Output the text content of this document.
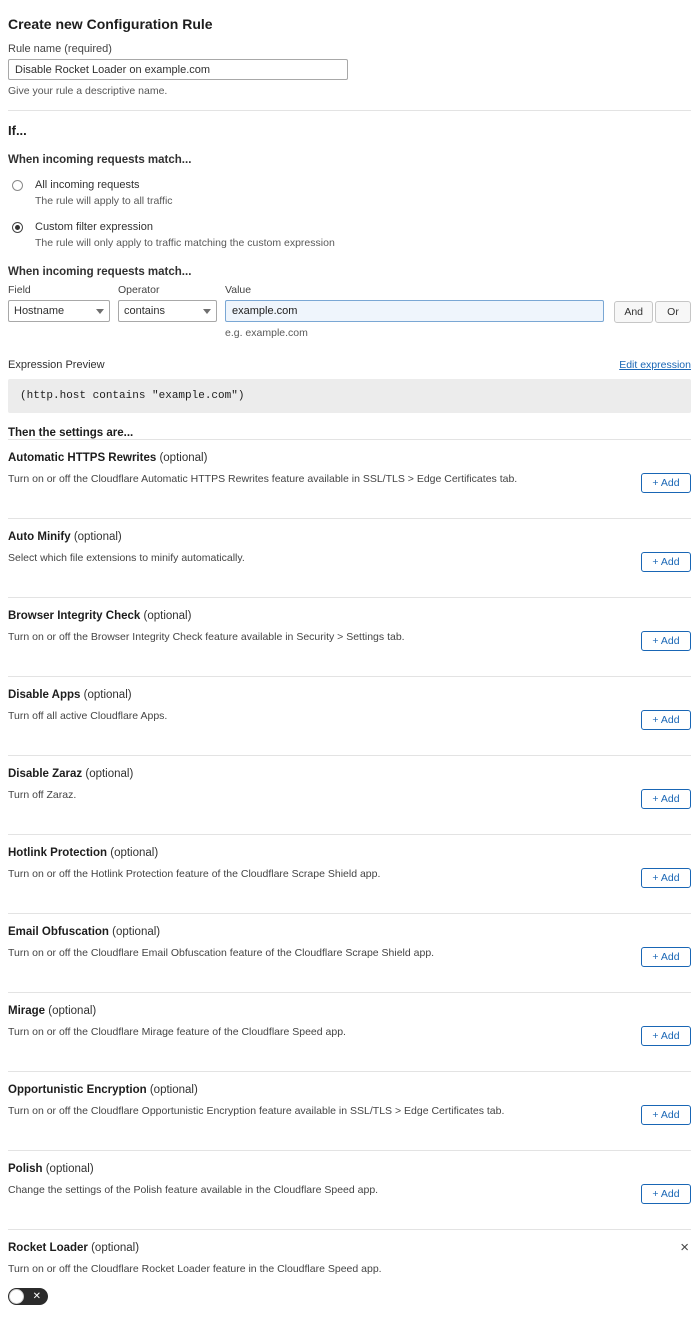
Create new Configuration Rule
Rule name (required)
Disable Rocket Loader on example.com
Give your rule a descriptive name.
If...
When incoming requests match...
All incoming requests
The rule will apply to all traffic
Custom filter expression
The rule will only apply to traffic matching the custom expression
When incoming requests match...
Field
Hostname
Operator
contains
Value
example.com
e.g. example.com
And	Or
Expression Preview	Edit expression
(http.host contains "example.com")
Then the settings are...
Automatic HTTPS Rewrites (optional)
Turn on or off the Cloudflare Automatic HTTPS Rewrites feature available in SSL/TLS > Edge Certificates tab.	+ Add
Auto Minify (optional)
Select which file extensions to minify automatically.	+ Add
Browser Integrity Check (optional)
Turn on or off the Browser Integrity Check feature available in Security > Settings tab.	+ Add
Disable Apps (optional)
Turn off all active Cloudflare Apps.	+ Add
Disable Zaraz (optional)
Turn off Zaraz.	+ Add
Hotlink Protection (optional)
Turn on or off the Hotlink Protection feature of the Cloudflare Scrape Shield app.	+ Add
Email Obfuscation (optional)
Turn on or off the Cloudflare Email Obfuscation feature of the Cloudflare Scrape Shield app.	+ Add
Mirage (optional)
Turn on or off the Cloudflare Mirage feature of the Cloudflare Speed app.	+ Add
Opportunistic Encryption (optional)
Turn on or off the Cloudflare Opportunistic Encryption feature available in SSL/TLS > Edge Certificates tab.	+ Add
Polish (optional)
Change the settings of the Polish feature available in the Cloudflare Speed app.	+ Add
Rocket Loader (optional)
Turn on or off the Cloudflare Rocket Loader feature in the Cloudflare Speed app.
×
✕
